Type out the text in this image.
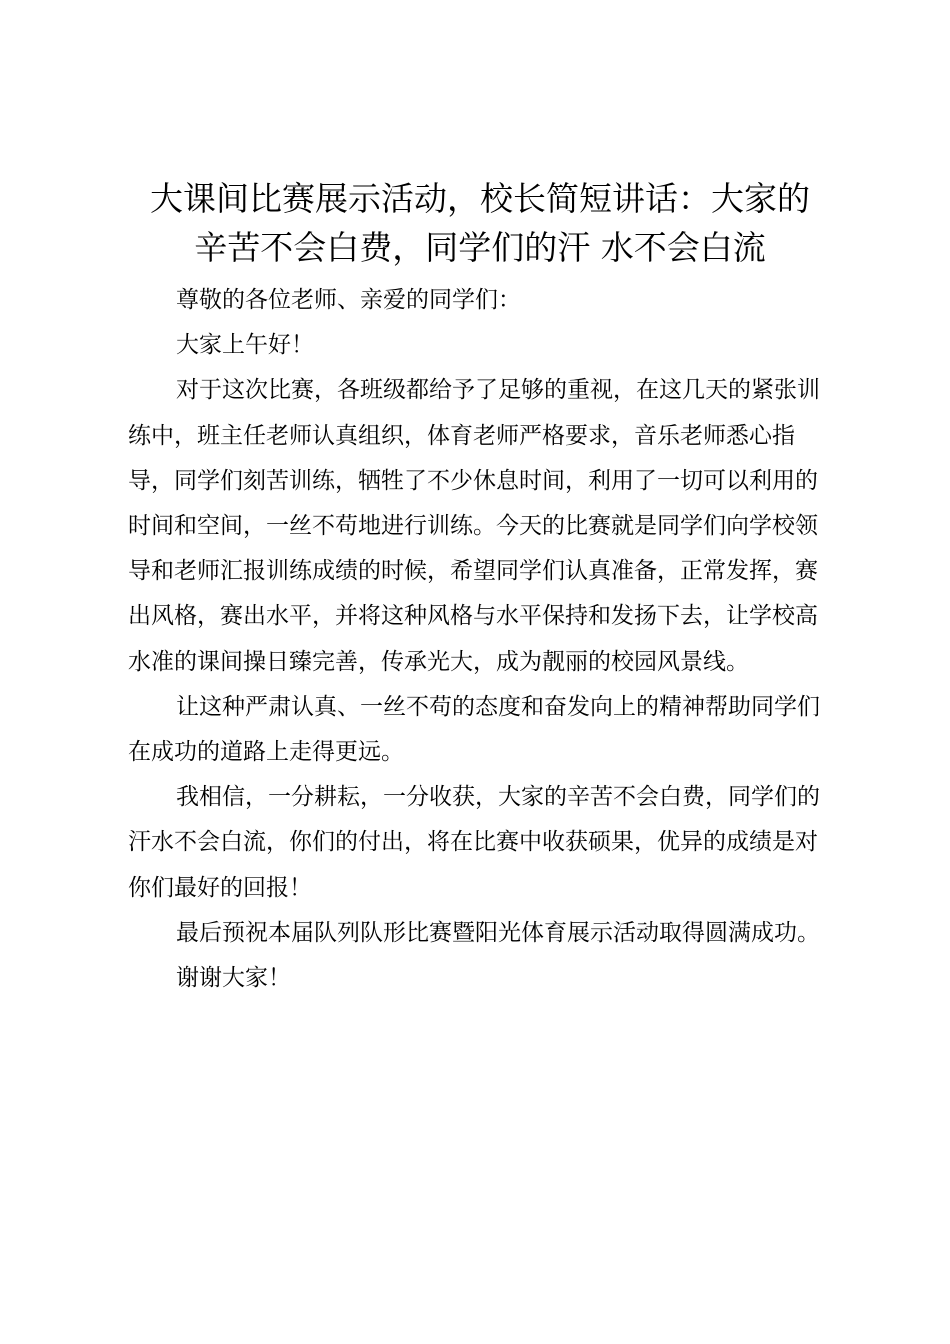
大课间比赛展示活动，校长简短讲话：大家的
辛苦不会白费，同学们的汗 水不会白流

尊敬的各位老师、亲爱的同学们：

大家上午好！

对于这次比赛，各班级都给予了足够的重视，在这几天的紧张训练中，班主任老师认真组织，体育老师严格要求，音乐老师悉心指导，同学们刻苦训练，牺牲了不少休息时间，利用了一切可以利用的时间和空间，一丝不苟地进行训练。今天的比赛就是同学们向学校领导和老师汇报训练成绩的时候，希望同学们认真准备，正常发挥，赛出风格，赛出水平，并将这种风格与水平保持和发扬下去，让学校高水准的课间操日臻完善，传承光大，成为靓丽的校园风景线。

让这种严肃认真、一丝不苟的态度和奋发向上的精神帮助同学们在成功的道路上走得更远。

我相信，一分耕耘，一分收获，大家的辛苦不会白费，同学们的汗水不会白流，你们的付出，将在比赛中收获硕果，优异的成绩是对你们最好的回报！

最后预祝本届队列队形比赛暨阳光体育展示活动取得圆满成功。

谢谢大家！
